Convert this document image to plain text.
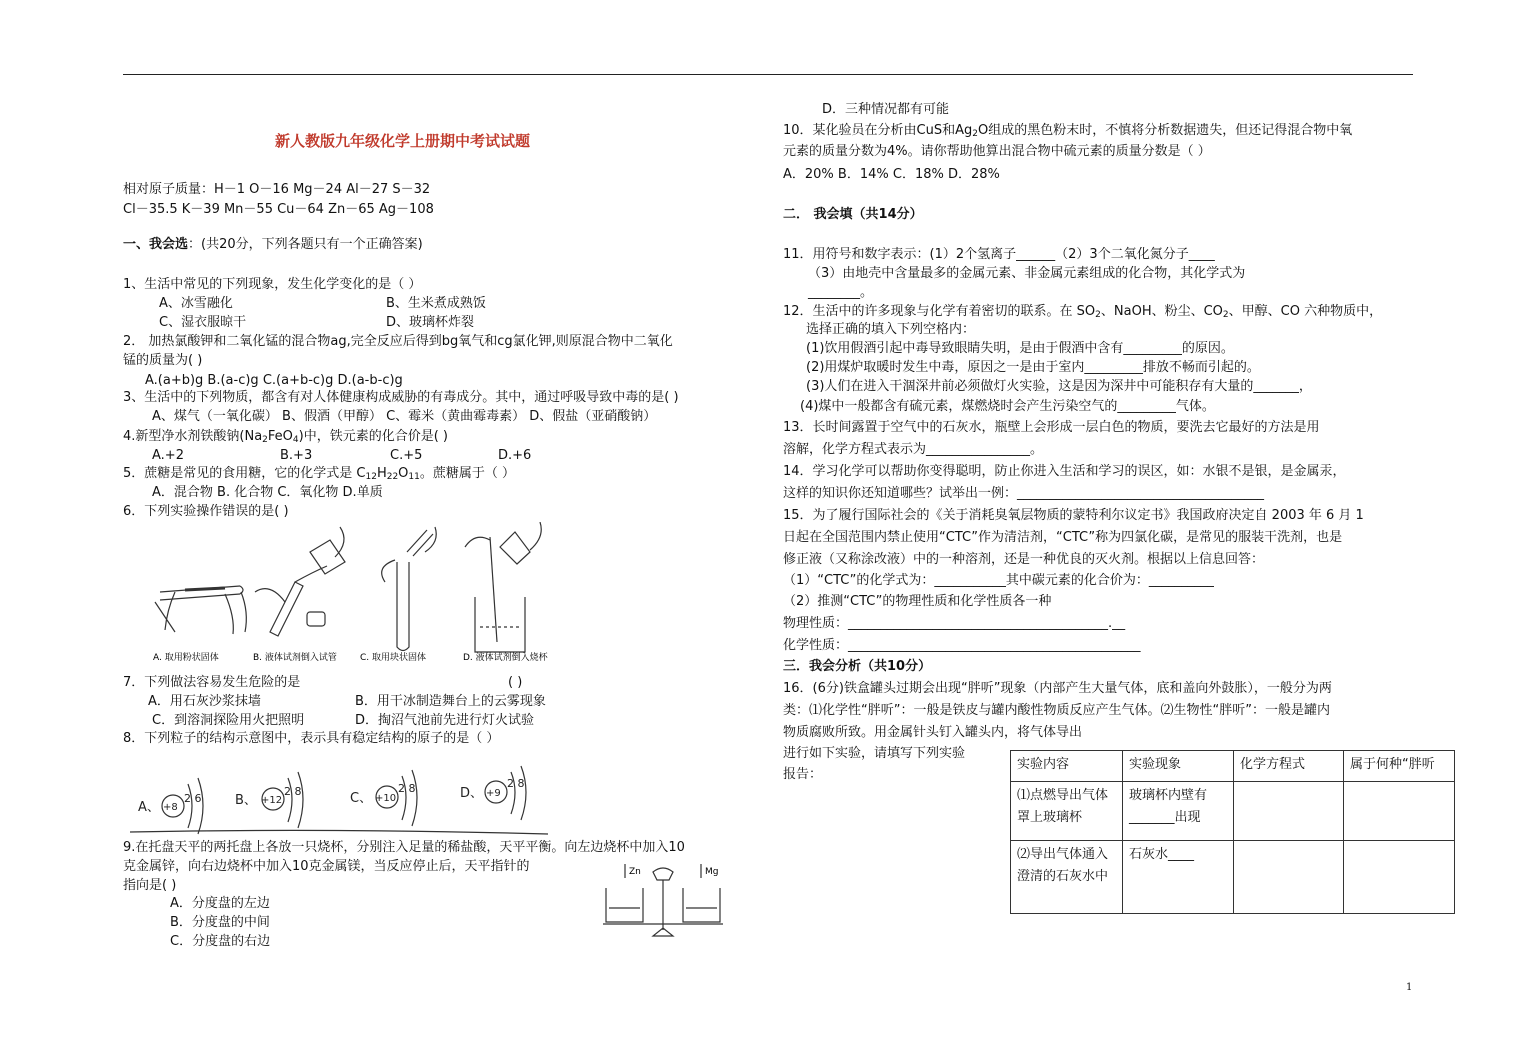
新人教版九年级化学上册期中考试试题
相对原子质量：H－1 O－16 Mg－24 Al－27 S－32
Cl－35.5 K－39 Mn－55 Cu－64 Zn－65 Ag－108
一、我会选：(共20分，下列各题只有一个正确答案)
1、生活中常见的下列现象，发生化学变化的是（ ）
A、冰雪融化	B、生米煮成熟饭
C、湿衣服晾干	D、玻璃杯炸裂
2． 加热氯酸钾和二氧化锰的混合物ag,完全反应后得到bg氧气和cg氯化钾,则原混合物中二氧化
锰的质量为( )
A.(a+b)g B.(a-c)g C.(a+b-c)g D.(a-b-c)g
3、生活中的下列物质，都含有对人体健康构成威胁的有毒成分。其中，通过呼吸导致中毒的是( )
A、煤气（一氧化碳） B、假酒（甲醇） C、霉米（黄曲霉毒素） D、假盐（亚硝酸钠）
4.新型净水剂铁酸钠$(Na_2FeO_4)$中，铁元素的化合价是( )
A.+2	B.+3	C.+5	D.+6
5．蔗糖是常见的食用糖，它的化学式是 $C_{12}H_{22}O_{11}$。蔗糖属于（ ）
A．混合物 B. 化合物 C．氧化物 D.单质
6．下列实验操作错误的是( )
A. 取用粉状固体	B. 液体试剂倒入试管	C. 取用块状固体	D. 液体试剂倒入烧杯
7．下列做法容易发生危险的是	( )
A．用石灰沙浆抹墙	B．用干冰制造舞台上的云雾现象
C．到溶洞探险用火把照明	D．掏沼气池前先进行灯火试验
8．下列粒子的结构示意图中，表示具有稳定结构的原子的是（ ）
A、 +8
2 6	B、 +12
2 8	C、 +10
2 8	D、 +9
2 8
9.在托盘天平的两托盘上各放一只烧杯，分别注入足量的稀盐酸，天平平衡。向左边烧杯中加入10
克金属锌，向右边烧杯中加入10克金属镁，当反应停止后，天平指针的
指向是( )
A．分度盘的左边
B．分度盘的中间
C．分度盘的右边
Zn	Mg
D．三种情况都有可能
10．某化验员在分析由CuS和$Ag_2O$组成的黑色粉末时，不慎将分析数据遗失，但还记得混合物中氧
元素的质量分数为4%。请你帮助他算出混合物中硫元素的质量分数是（ ）
A．20% B．14% C．18% D．28%
二． 我会填（共14分）
11．用符号和数字表示：(1）2个氢离子______（2）3个二氧化氮分子____
（3）由地壳中含量最多的金属元素、非金属元素组成的化合物，其化学式为
________。
12．生活中的许多现象与化学有着密切的联系。在 $SO_2$、NaOH、粉尘、$CO_2$、甲醇、CO 六种物质中，
选择正确的填入下列空格内：
(1)饮用假酒引起中毒导致眼睛失明，是由于假酒中含有_________的原因。
(2)用煤炉取暖时发生中毒，原因之一是由于室内_________排放不畅而引起的。
(3)人们在进入干涸深井前必须做灯火实验，这是因为深井中可能积存有大量的_______，
(4)煤中一般都含有硫元素，煤燃烧时会产生污染空气的_________气体。
13．长时间露置于空气中的石灰水，瓶壁上会形成一层白色的物质，要洗去它最好的方法是用
溶解，化学方程式表示为________________。
14．学习化学可以帮助你变得聪明，防止你进入生活和学习的误区，如：水银不是银，是金属汞，
这样的知识你还知道哪些？试举出一例：______________________________________
15．为了履行国际社会的《关于消耗臭氧层物质的蒙特利尔议定书》我国政府决定自 2003 年 6 月 1
日起在全国范围内禁止使用“CTC”作为清洁剂，“CTC”称为四氯化碳，是常见的服装干洗剂，也是
修正液（又称涂改液）中的一种溶剂，还是一种优良的灭火剂。根据以上信息回答：
（1）“CTC”的化学式为：___________其中碳元素的化合价为：__________
（2）推测“CTC”的物理性质和化学性质各一种
物理性质：________________________________________.__
化学性质：_____________________________________________
三．我会分析（共10分）
16．(6分)铁盒罐头过期会出现“胖听”现象（内部产生大量气体，底和盖向外鼓胀），一般分为两
类：⑴化学性“胖听”：一般是铁皮与罐内酸性物质反应产生气体。⑵生物性“胖听”：一般是罐内
物质腐败所致。用金属针头钉入罐头内，将气体导出
进行如下实验，请填写下列实验
报告：
实验内容	实验现象	化学方程式	属于何种“胖听
⑴点燃导出气体 罩上玻璃杯	玻璃杯内壁有_______出现		
⑵导出气体通入 澄清的石灰水中	石灰水____		
1
